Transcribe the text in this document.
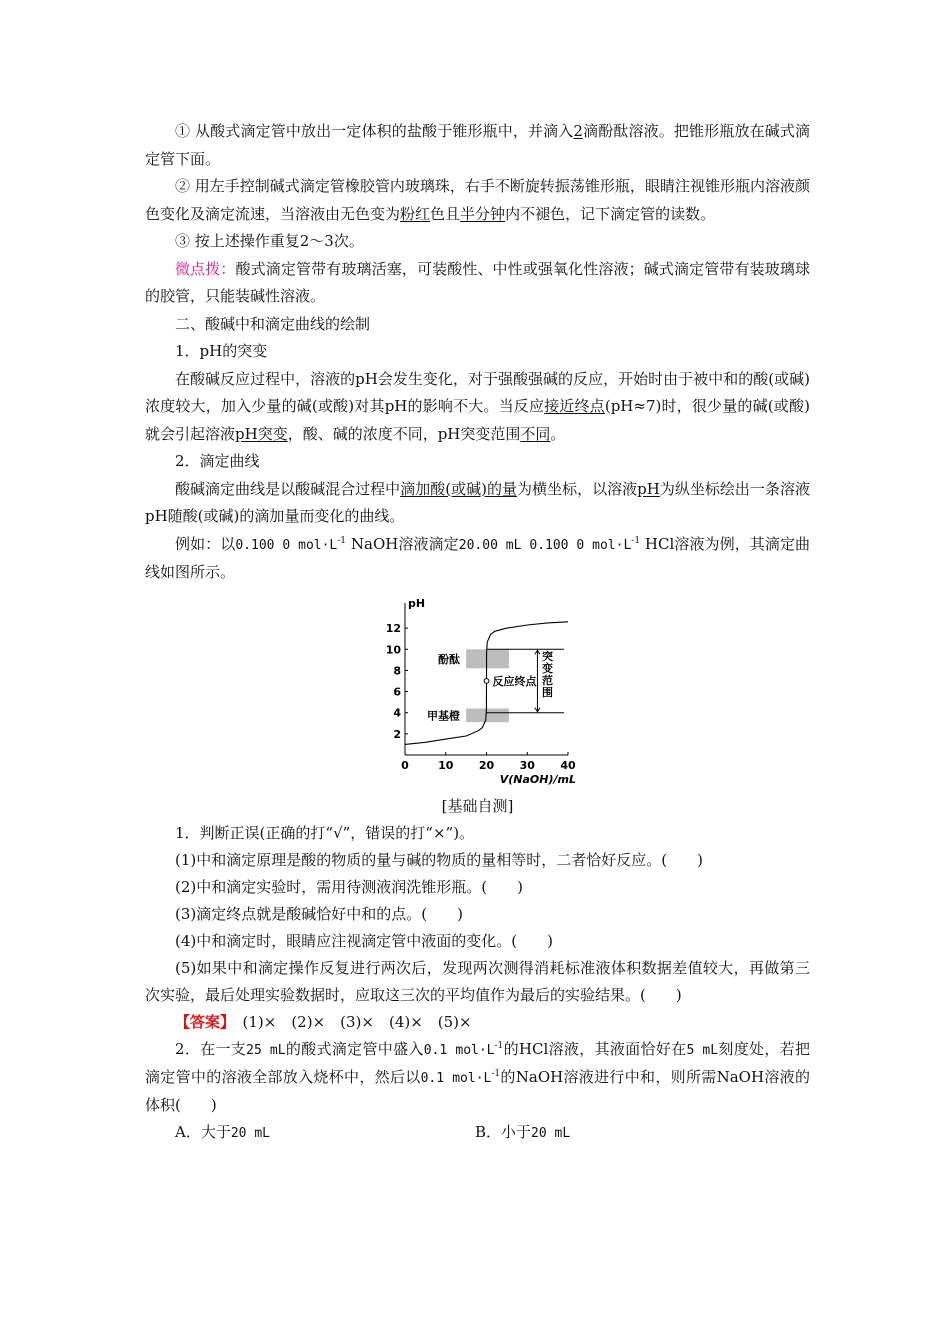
① 从酸式滴定管中放出一定体积的盐酸于锥形瓶中，并滴入2滴酚酞溶液。把锥形瓶放在碱式滴定管下面。

② 用左手控制碱式滴定管橡胶管内玻璃珠，右手不断旋转振荡锥形瓶，眼睛注视锥形瓶内溶液颜色变化及滴定流速，当溶液由无色变为粉红色且半分钟内不褪色，记下滴定管的读数。

③ 按上述操作重复2～3次。

微点拨：酸式滴定管带有玻璃活塞，可装酸性、中性或强氧化性溶液；碱式滴定管带有装玻璃球的胶管，只能装碱性溶液。

二、酸碱中和滴定曲线的绘制

1．pH的突变

在酸碱反应过程中，溶液的pH会发生变化，对于强酸强碱的反应，开始时由于被中和的酸(或碱)浓度较大，加入少量的碱(或酸)对其pH的影响不大。当反应接近终点(pH≈7)时，很少量的碱(或酸)就会引起溶液pH突变，酸、碱的浓度不同，pH突变范围不同。

2．滴定曲线

酸碱滴定曲线是以酸碱混合过程中滴加酸(或碱)的量为横坐标，以溶液pH为纵坐标绘出一条溶液pH随酸(或碱)的滴加量而变化的曲线。

例如：以0.100 0 $mol\cdot L^{-1}$ NaOH溶液滴定20.00 mL 0.100 0 $mol\cdot L^{-1}$ HCl溶液为例，其滴定曲线如图所示。

酚酞
甲基橙
突变范围
反应终点
0	10 20 30 40
2
4
6
8
10
12
pH
V(NaOH)/mL

[基础自测]

1．判断正误(正确的打“√”，错误的打“×”)。

(1)中和滴定原理是酸的物质的量与碱的物质的量相等时，二者恰好反应。(　　)

(2)中和滴定实验时，需用待测液润洗锥形瓶。(　　)

(3)滴定终点就是酸碱恰好中和的点。(　　)

(4)中和滴定时，眼睛应注视滴定管中液面的变化。(　　)

(5)如果中和滴定操作反复进行两次后，发现两次测得消耗标准液体积数据差值较大，再做第三次实验，最后处理实验数据时，应取这三次的平均值作为最后的实验结果。(　　)

【答案】　(1)×　(2)×　(3)×　(4)×　(5)×

2．在一支25 mL的酸式滴定管中盛入0.1 $mol\cdot L^{-1}$的HCl溶液，其液面恰好在5 mL刻度处，若把滴定管中的溶液全部放入烧杯中，然后以0.1 $mol\cdot L^{-1}$的NaOH溶液进行中和，则所需NaOH溶液的体积(　　)

A．大于20 mL	B．小于20 mL
